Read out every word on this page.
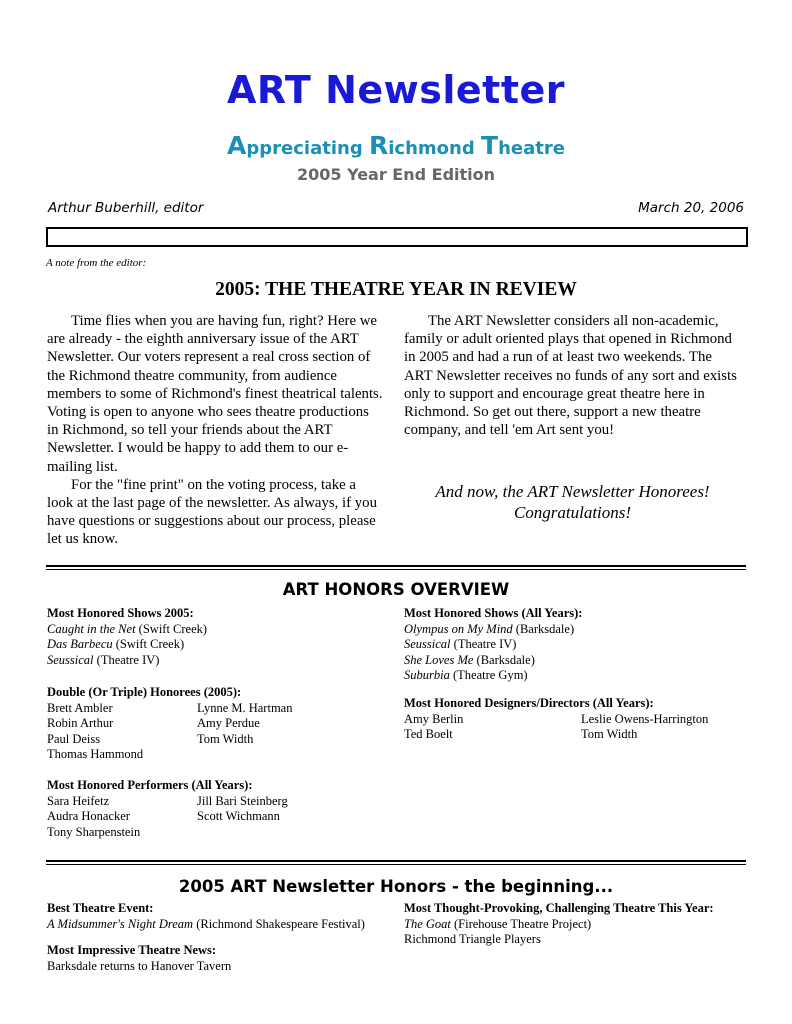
ART Newsletter
Appreciating Richmond Theatre
2005 Year End Edition
Arthur Buberhill, editor	March 20, 2006
A note from the editor:
2005: THE THEATRE YEAR IN REVIEW

Time flies when you are having fun, right? Here we are already - the eighth anniversary issue of the ART Newsletter. Our voters represent a real cross section of the Richmond theatre community, from audience members to some of Richmond's finest theatrical talents. Voting is open to anyone who sees theatre productions in Richmond, so tell your friends about the ART Newsletter. I would be happy to add them to our e-mailing list.

For the "fine print" on the voting process, take a look at the last page of the newsletter. As always, if you have questions or suggestions about our process, please let us know.

The ART Newsletter considers all non-academic, family or adult oriented plays that opened in Richmond in 2005 and had a run of at least two weekends. The ART Newsletter receives no funds of any sort and exists only to support and encourage great theatre here in Richmond. So get out there, support a new theatre company, and tell 'em Art sent you!

And now, the ART Newsletter Honorees!
Congratulations!
ART HONORS OVERVIEW
Most Honored Shows 2005:
Caught in the Net (Swift Creek)
Das Barbecu (Swift Creek)
Seussical (Theatre IV)
Double (Or Triple) Honorees (2005):
Brett Ambler	Lynne M. Hartman
Robin Arthur	Amy Perdue
Paul Deiss	Tom Width
Thomas Hammond
Most Honored Performers (All Years):
Sara Heifetz	Jill Bari Steinberg
Audra Honacker	Scott Wichmann
Tony Sharpenstein
Most Honored Shows (All Years):
Olympus on My Mind (Barksdale)
Seussical (Theatre IV)
She Loves Me (Barksdale)
Suburbia (Theatre Gym)
Most Honored Designers/Directors (All Years):
Amy Berlin	Leslie Owens-Harrington
Ted Boelt	Tom Width
2005 ART Newsletter Honors - the beginning...
Best Theatre Event:
A Midsummer's Night Dream (Richmond Shakespeare Festival)
Most Impressive Theatre News:
Barksdale returns to Hanover Tavern
Most Thought-Provoking, Challenging Theatre This Year:
The Goat (Firehouse Theatre Project)
Richmond Triangle Players
